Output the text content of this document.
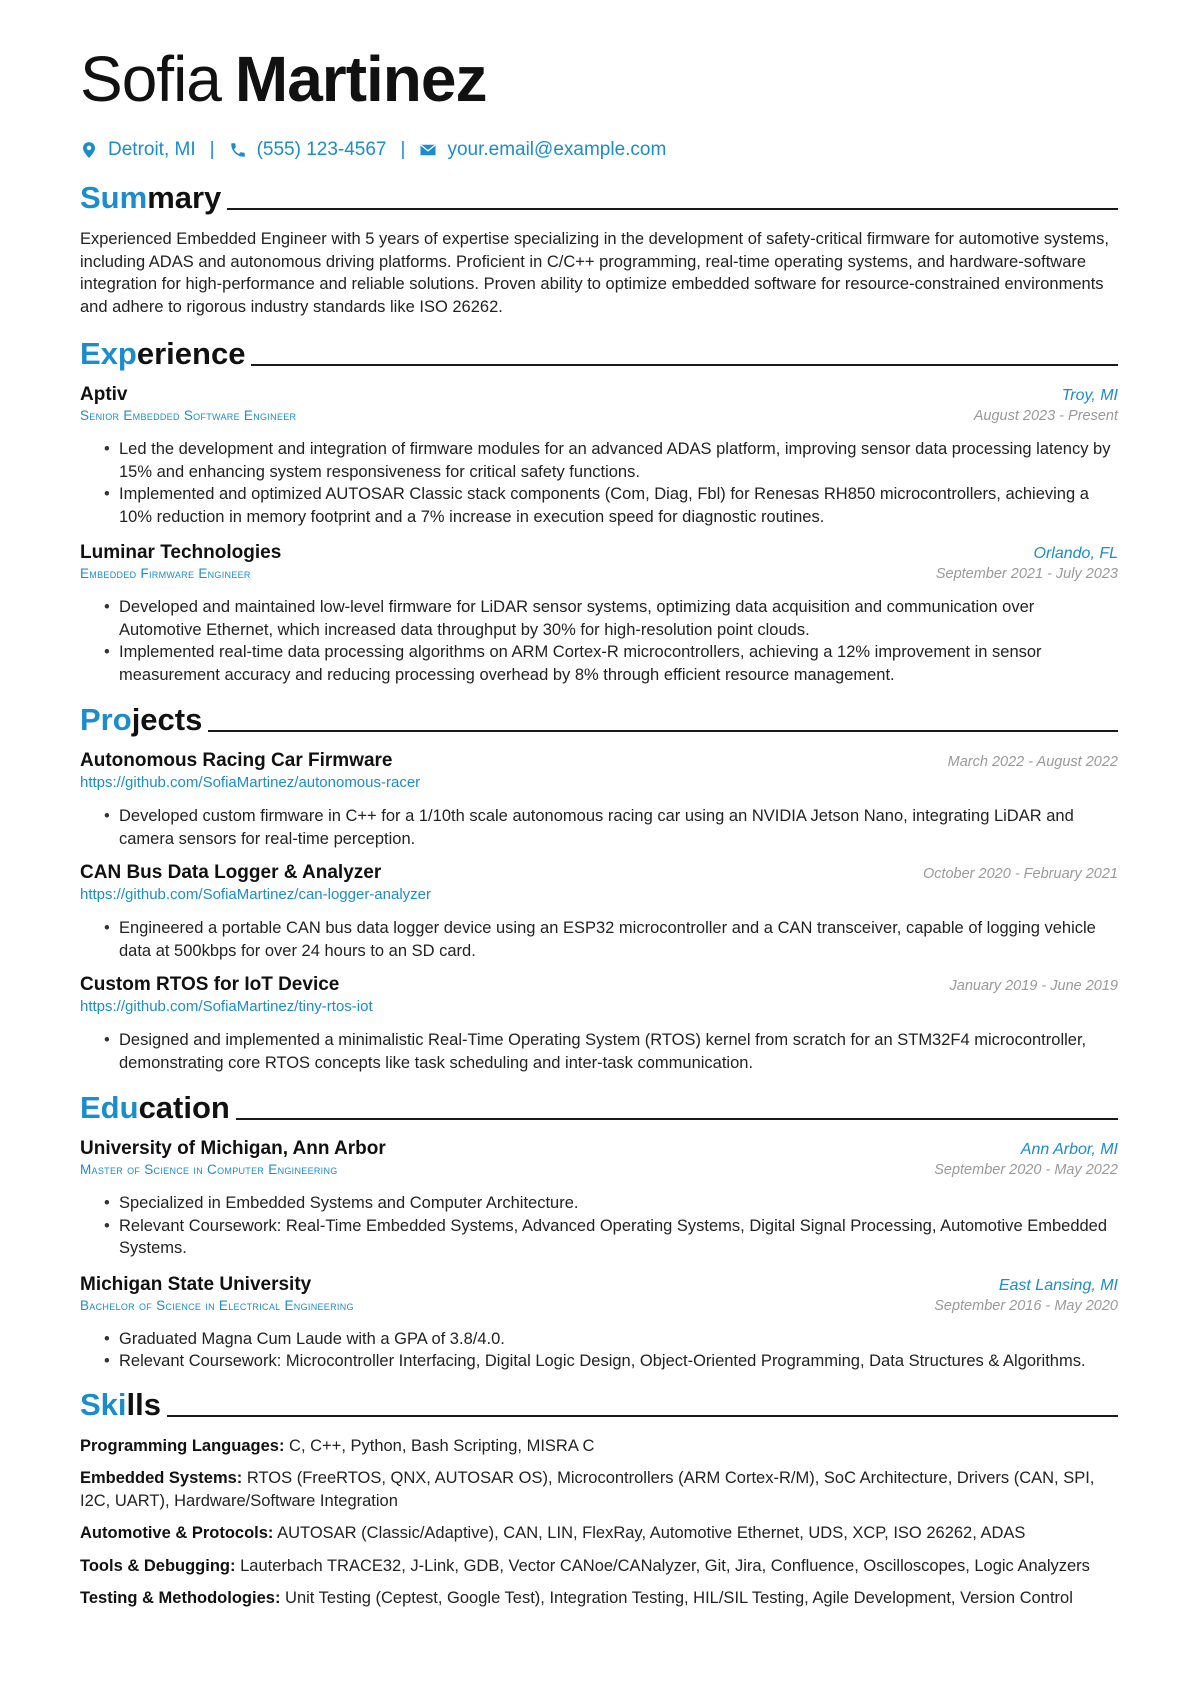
Sofia Martinez
Detroit, MI | (555) 123-4567 | your.email@example.com
Summary

Experienced Embedded Engineer with 5 years of expertise specializing in the development of safety-critical firmware for automotive systems, including ADAS and autonomous driving platforms. Proficient in C/C++ programming, real-time operating systems, and hardware-software integration for high-performance and reliable solutions. Proven ability to optimize embedded software for resource-constrained environments and adhere to rigorous industry standards like ISO 26262.

Experience
Aptiv	Troy, MI
Senior Embedded Software Engineer	August 2023 - Present
• Led the development and integration of firmware modules for an advanced ADAS platform, improving sensor data processing latency by 15% and enhancing system responsiveness for critical safety functions.
• Implemented and optimized AUTOSAR Classic stack components (Com, Diag, Fbl) for Renesas RH850 microcontrollers, achieving a 10% reduction in memory footprint and a 7% increase in execution speed for diagnostic routines.
Luminar Technologies	Orlando, FL
Embedded Firmware Engineer	September 2021 - July 2023
• Developed and maintained low-level firmware for LiDAR sensor systems, optimizing data acquisition and communication over Automotive Ethernet, which increased data throughput by 30% for high-resolution point clouds.
• Implemented real-time data processing algorithms on ARM Cortex-R microcontrollers, achieving a 12% improvement in sensor measurement accuracy and reducing processing overhead by 8% through efficient resource management.
Projects
Autonomous Racing Car Firmware	March 2022 - August 2022
https://github.com/SofiaMartinez/autonomous-racer
• Developed custom firmware in C++ for a 1/10th scale autonomous racing car using an NVIDIA Jetson Nano, integrating LiDAR and camera sensors for real-time perception.
CAN Bus Data Logger & Analyzer	October 2020 - February 2021
https://github.com/SofiaMartinez/can-logger-analyzer
• Engineered a portable CAN bus data logger device using an ESP32 microcontroller and a CAN transceiver, capable of logging vehicle data at 500kbps for over 24 hours to an SD card.
Custom RTOS for IoT Device	January 2019 - June 2019
https://github.com/SofiaMartinez/tiny-rtos-iot
• Designed and implemented a minimalistic Real-Time Operating System (RTOS) kernel from scratch for an STM32F4 microcontroller, demonstrating core RTOS concepts like task scheduling and inter-task communication.
Education
University of Michigan, Ann Arbor	Ann Arbor, MI
Master of Science in Computer Engineering	September 2020 - May 2022
• Specialized in Embedded Systems and Computer Architecture.
• Relevant Coursework: Real-Time Embedded Systems, Advanced Operating Systems, Digital Signal Processing, Automotive Embedded Systems.
Michigan State University	East Lansing, MI
Bachelor of Science in Electrical Engineering	September 2016 - May 2020
• Graduated Magna Cum Laude with a GPA of 3.8/4.0.
• Relevant Coursework: Microcontroller Interfacing, Digital Logic Design, Object-Oriented Programming, Data Structures & Algorithms.
Skills

Programming Languages: C, C++, Python, Bash Scripting, MISRA C

Embedded Systems: RTOS (FreeRTOS, QNX, AUTOSAR OS), Microcontrollers (ARM Cortex-R/M), SoC Architecture, Drivers (CAN, SPI, I2C, UART), Hardware/Software Integration

Automotive & Protocols: AUTOSAR (Classic/Adaptive), CAN, LIN, FlexRay, Automotive Ethernet, UDS, XCP, ISO 26262, ADAS

Tools & Debugging: Lauterbach TRACE32, J-Link, GDB, Vector CANoe/CANalyzer, Git, Jira, Confluence, Oscilloscopes, Logic Analyzers

Testing & Methodologies: Unit Testing (Ceptest, Google Test), Integration Testing, HIL/SIL Testing, Agile Development, Version Control
